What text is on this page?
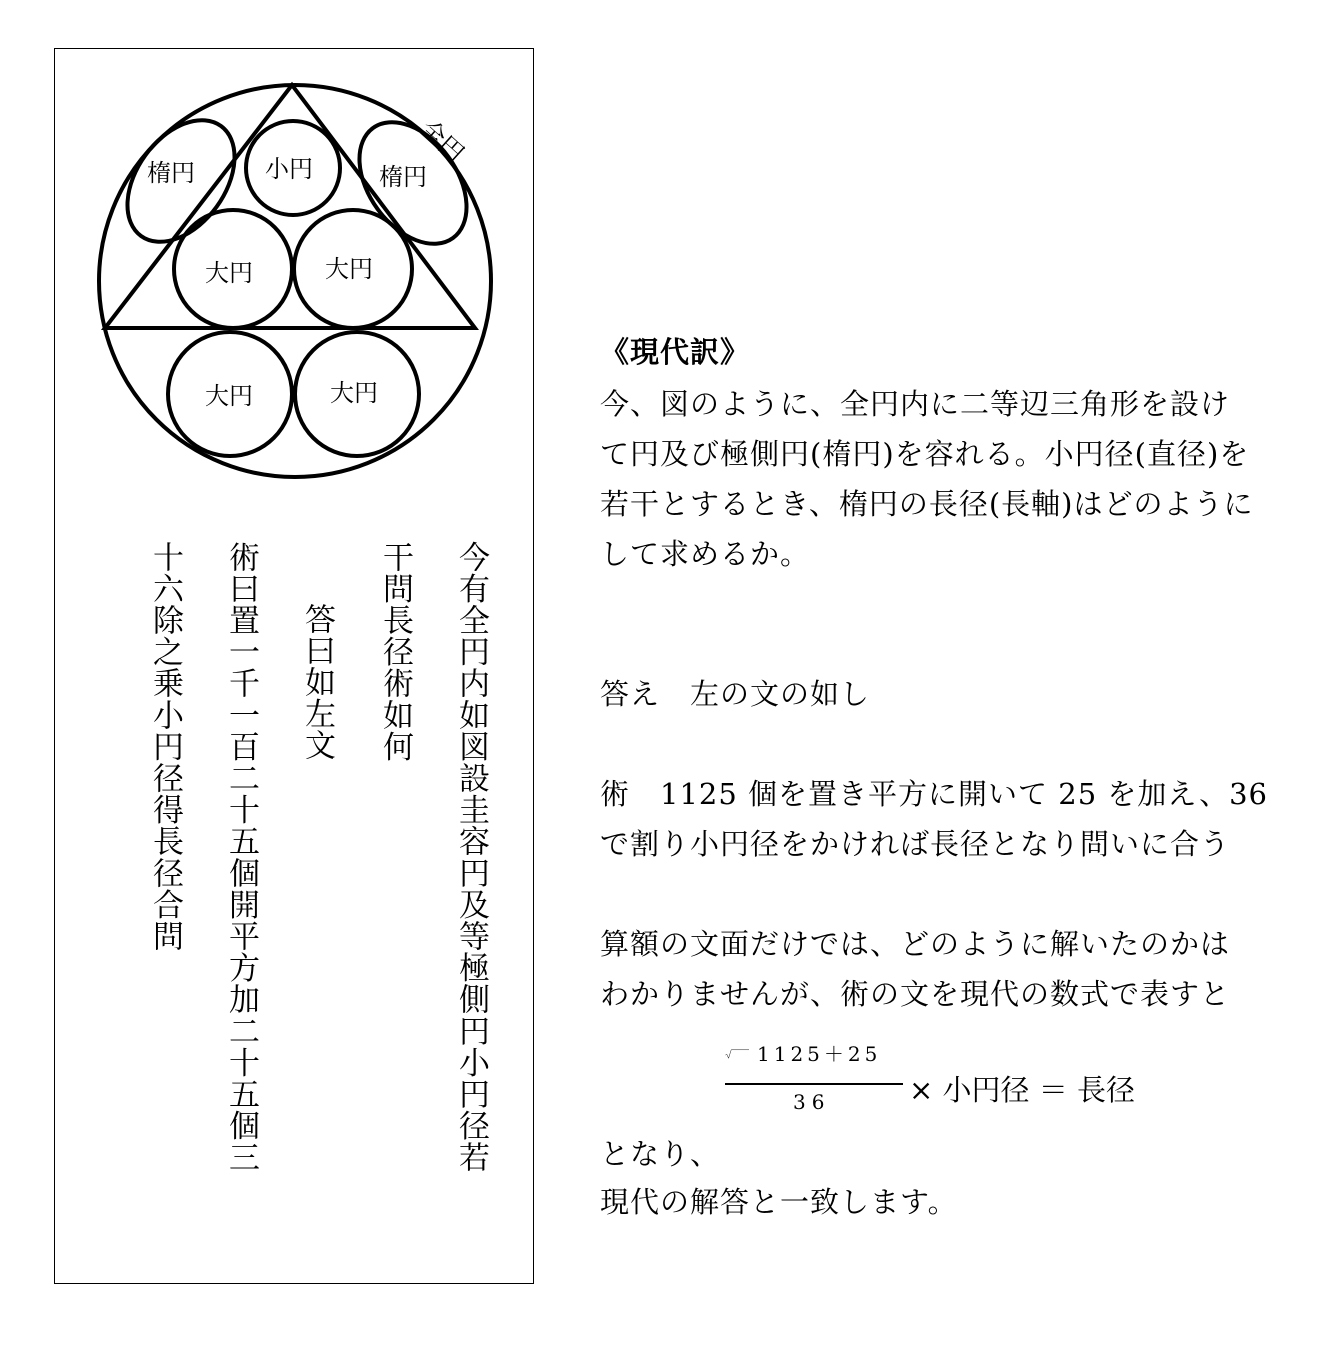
全円
楕円	楕円
小円
大円	大円
大円	大円
今有全円内如図設圭容円及等極側円小円径若
干問長径術如何
答曰如左文
術曰置一千一百二十五個開平方加二十五個三
十六除之乗小円径得長径合問
《現代訳》
今、図のように、全円内に二等辺三角形を設け
て円及び極側円(楕円)を容れる。小円径(直径)を
若干とするとき、楕円の長径(長軸)はどのように
して求めるか。
答え　左の文の如し
術　1125 個を置き平方に開いて 25 を加え、36
で割り小円径をかければ長径となり問いに合う
算額の文面だけでは、どのように解いたのかは
わかりませんが、術の文を現代の数式で表すと
となり、
現代の解答と一致します。
1125＋25
36	× 小円径 ＝ 長径
